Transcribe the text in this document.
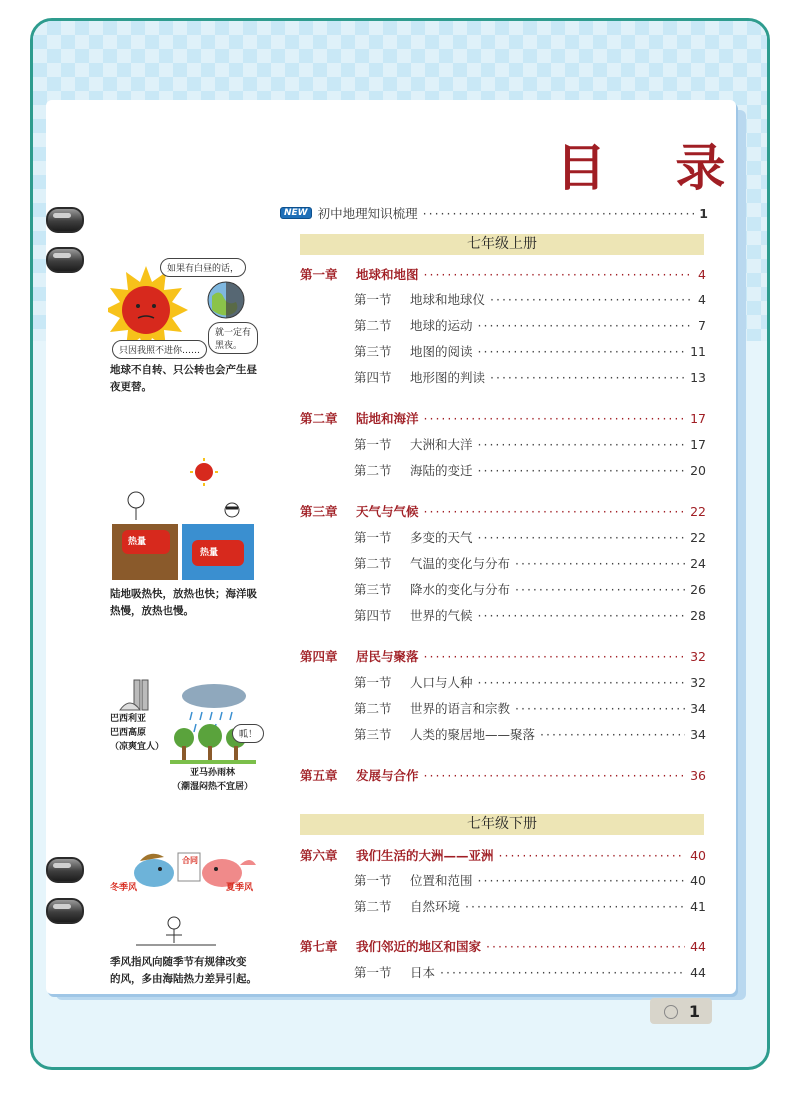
目 录
NEW 初中地理知识梳理 ·····	1
七年级上册
第一章	地球和地图 ·····	4
第一节	地球和地球仪 ·····	4
第二节	地球的运动 ·····	7
第三节	地图的阅读 ·····	11
第四节	地形图的判读 ·····	13
第二章	陆地和海洋 ·····	17
第一节	大洲和大洋 ·····	17
第二节	海陆的变迁 ·····	20
第三章	天气与气候 ·····	22
第一节	多变的天气 ·····	22
第二节	气温的变化与分布 ·····	24
第三节	降水的变化与分布 ·····	26
第四节	世界的气候 ·····	28
第四章	居民与聚落 ·····	32
第一节	人口与人种 ·····	32
第二节	世界的语言和宗教 ·····	34
第三节	人类的聚居地——聚落 ·····	34
第五章	发展与合作 ·····	36
七年级下册
第六章	我们生活的大洲——亚洲 ·····	40
第一节	位置和范围 ·····	40
第二节	自然环境 ·····	41
第七章	我们邻近的地区和国家 ·····	44
第一节	日本 ·····	44
如果有白昼的话，
就一定有
黑夜。
只因我照不进你……
地球不自转、只公转也会产生昼
夜更替。
热量
热量
陆地吸热快，放热也快；海洋吸
热慢，放热也慢。
巴西利亚
巴西高原
（凉爽宜人）
呱！
亚马孙雨林
（潮湿闷热不宜居）
合同
冬季风	夏季风
季风指风向随季节有规律改变
的风，多由海陆热力差异引起。
1
